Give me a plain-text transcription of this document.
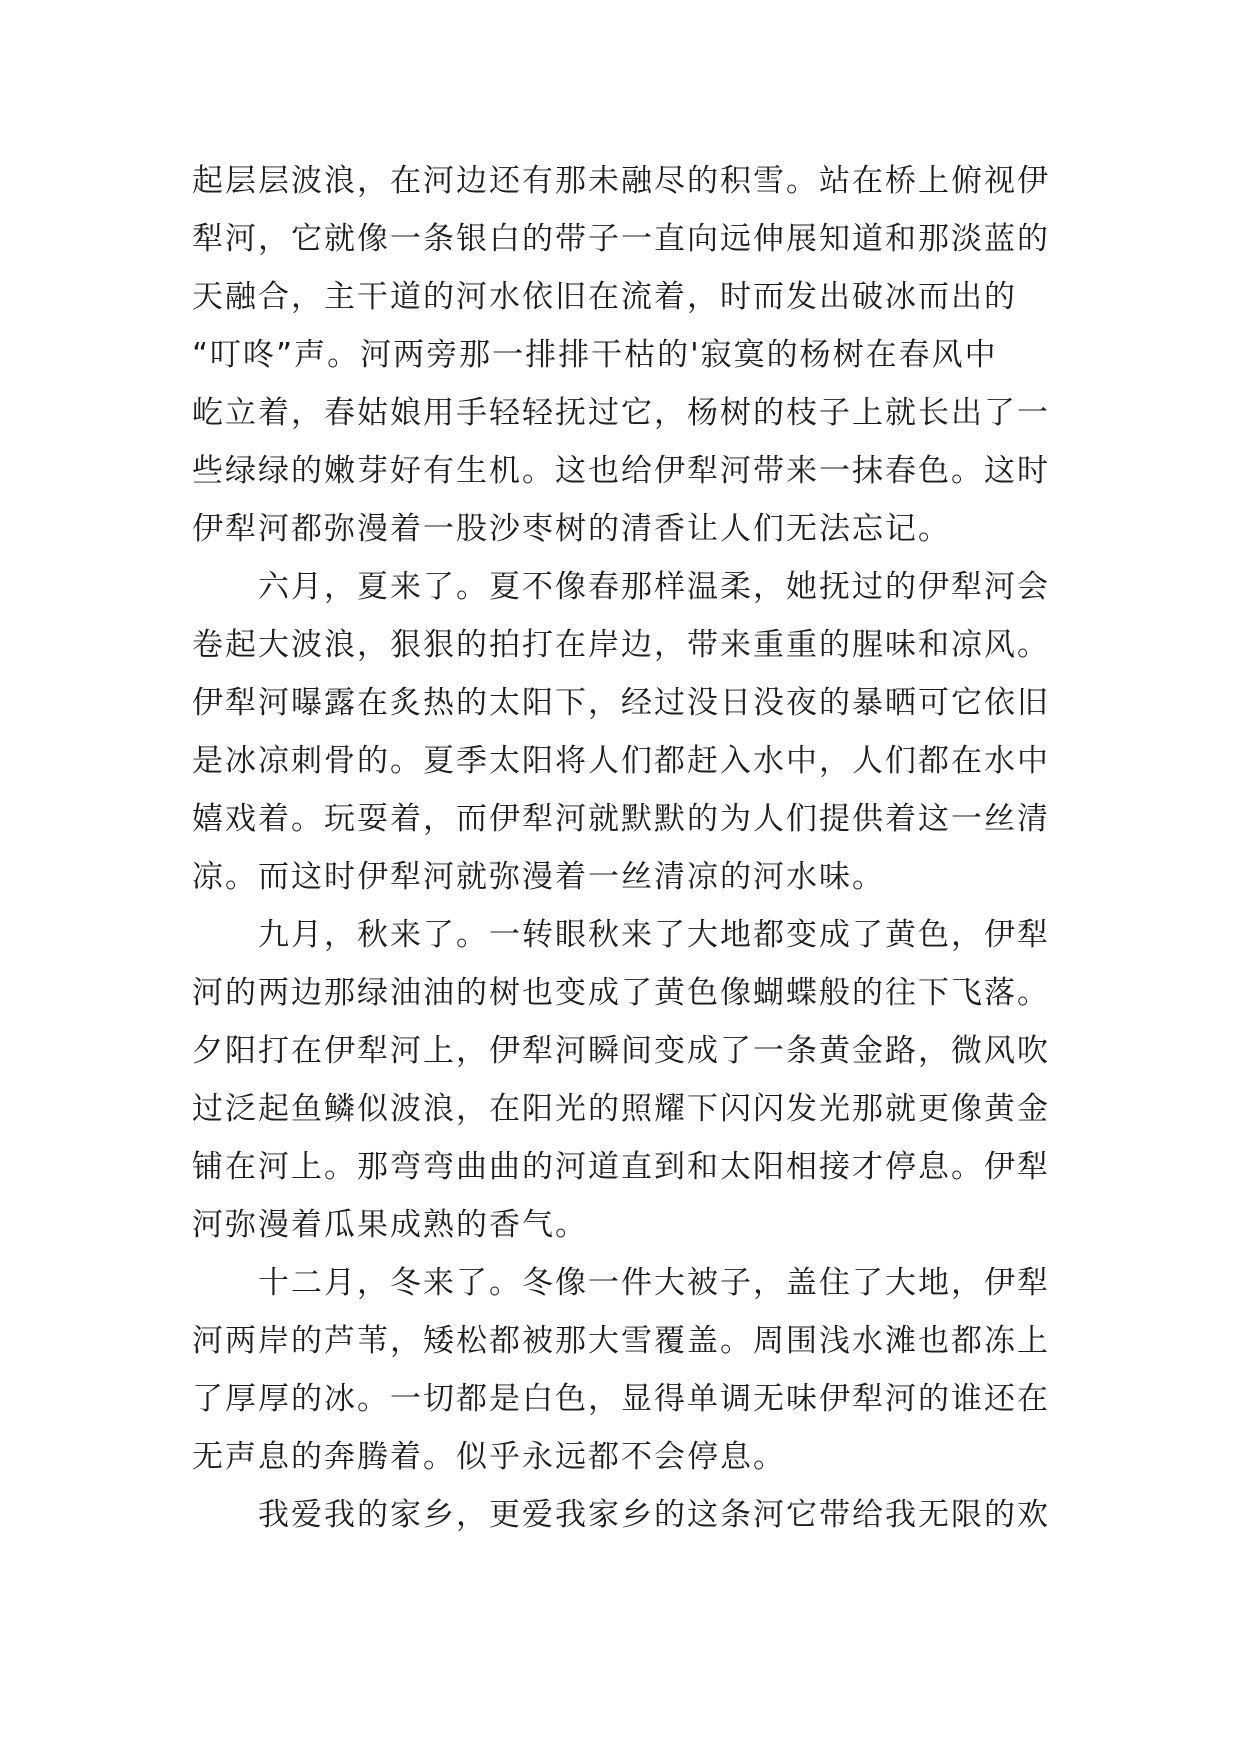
起层层波浪，在河边还有那未融尽的积雪。站在桥上俯视伊
犁河，它就像一条银白的带子一直向远伸展知道和那淡蓝的
天融合，主干道的河水依旧在流着，时而发出破冰而出的
“叮咚”声。河两旁那一排排干枯的'寂寞的杨树在春风中
屹立着，春姑娘用手轻轻抚过它，杨树的枝子上就长出了一
些绿绿的嫩芽好有生机。这也给伊犁河带来一抹春色。这时
伊犁河都弥漫着一股沙枣树的清香让人们无法忘记。
六月，夏来了。夏不像春那样温柔，她抚过的伊犁河会
卷起大波浪，狠狠的拍打在岸边，带来重重的腥味和凉风。
伊犁河曝露在炙热的太阳下，经过没日没夜的暴晒可它依旧
是冰凉刺骨的。夏季太阳将人们都赶入水中，人们都在水中
嬉戏着。玩耍着，而伊犁河就默默的为人们提供着这一丝清
凉。而这时伊犁河就弥漫着一丝清凉的河水味。
九月，秋来了。一转眼秋来了大地都变成了黄色，伊犁
河的两边那绿油油的树也变成了黄色像蝴蝶般的往下飞落。
夕阳打在伊犁河上，伊犁河瞬间变成了一条黄金路，微风吹
过泛起鱼鳞似波浪，在阳光的照耀下闪闪发光那就更像黄金
铺在河上。那弯弯曲曲的河道直到和太阳相接才停息。伊犁
河弥漫着瓜果成熟的香气。
十二月，冬来了。冬像一件大被子，盖住了大地，伊犁
河两岸的芦苇，矮松都被那大雪覆盖。周围浅水滩也都冻上
了厚厚的冰。一切都是白色，显得单调无味伊犁河的谁还在
无声息的奔腾着。似乎永远都不会停息。
我爱我的家乡，更爱我家乡的这条河它带给我无限的欢
